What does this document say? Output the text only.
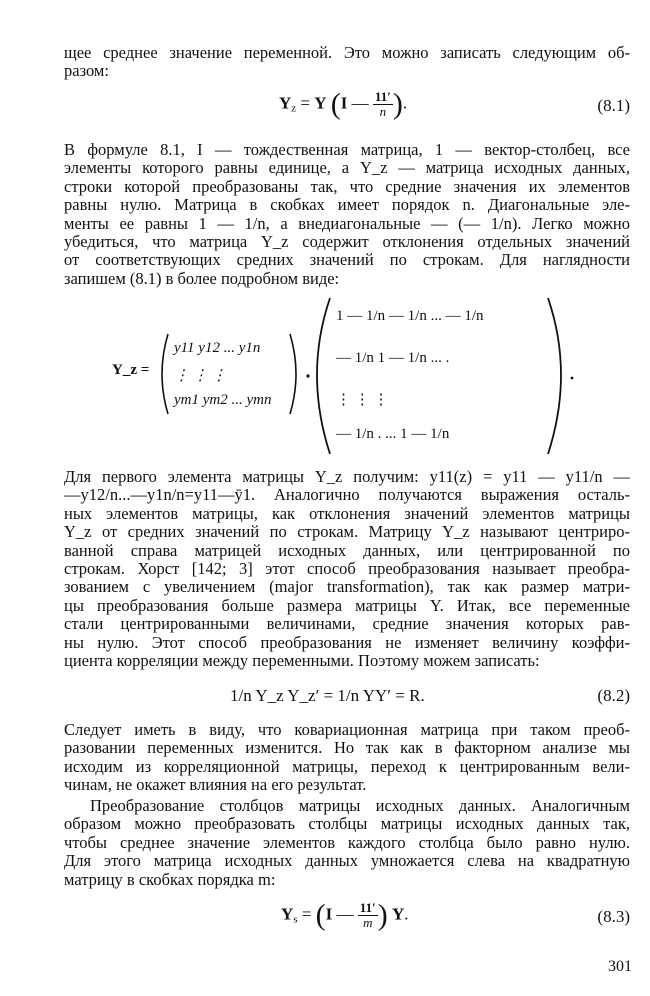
щее среднее значение переменной. Это можно записать следующим об-
разом:
$Y_z = Y$ (I — $\frac{11'}{n}$ ).	(8.1)
В формуле 8.1, I — тождественная матрица, 1 — вектор-столбец, все
элементы которого равны единице, а Y_z — матрица исходных данных,
строки которой преобразованы так, что средние значения их элементов
равны нулю. Матрица в скобках имеет порядок n. Диагональные эле-
менты ее равны 1 — 1/n, а внедиагональные — (— 1/n). Легко можно
убедиться, что матрица Y_z содержит отклонения отдельных значений
от соответствующих средних значений по строкам. Для наглядности
запишем (8.1) в более подробном виде:
Y_z =
y11 y12 ... y1n
⋮ ⋮ ⋮
ym1 ym2 ... ymn
1 — 1/n — 1/n ... — 1/n
— 1/n 1 — 1/n ... .
⋮ ⋮ ⋮
— 1/n . ... 1 — 1/n
Для первого элемента матрицы Y_z получим: y11(z) = y11 — y11/n —
—y12/n...—y1n/n=y11—ȳ1. Аналогично получаются выражения осталь-
ных элементов матрицы, как отклонения значений элементов матрицы
Y_z от средних значений по строкам. Матрицу Y_z называют центриро-
ванной справа матрицей исходных данных, или центрированной по
строкам. Хорст [142; 3] этот способ преобразования называет преобра-
зованием с увеличением (major transformation), так как размер матри-
цы преобразования больше размера матрицы Y. Итак, все переменные
стали центрированными величинами, средние значения которых рав-
ны нулю. Этот способ преобразования не изменяет величину коэффи-
циента корреляции между переменными. Поэтому можем записать:
1/n Y_z Y_z′ = 1/n YY′ = R.	(8.2)
Следует иметь в виду, что ковариационная матрица при таком преоб-
разовании переменных изменится. Но так как в факторном анализе мы
исходим из корреляционной матрицы, переход к центрированным вели-
чинам, не окажет влияния на его результат.
Преобразование столбцов матрицы исходных данных. Аналогичным
образом можно преобразовать столбцы матрицы исходных данных так,
чтобы среднее значение элементов каждого столбца было равно нулю.
Для этого матрица исходных данных умножается слева на квадратную
матрицу в скобках порядка m:
$Y_s = (I$ — $\frac{11'}{m}$ ) Y.	(8.3)
301
